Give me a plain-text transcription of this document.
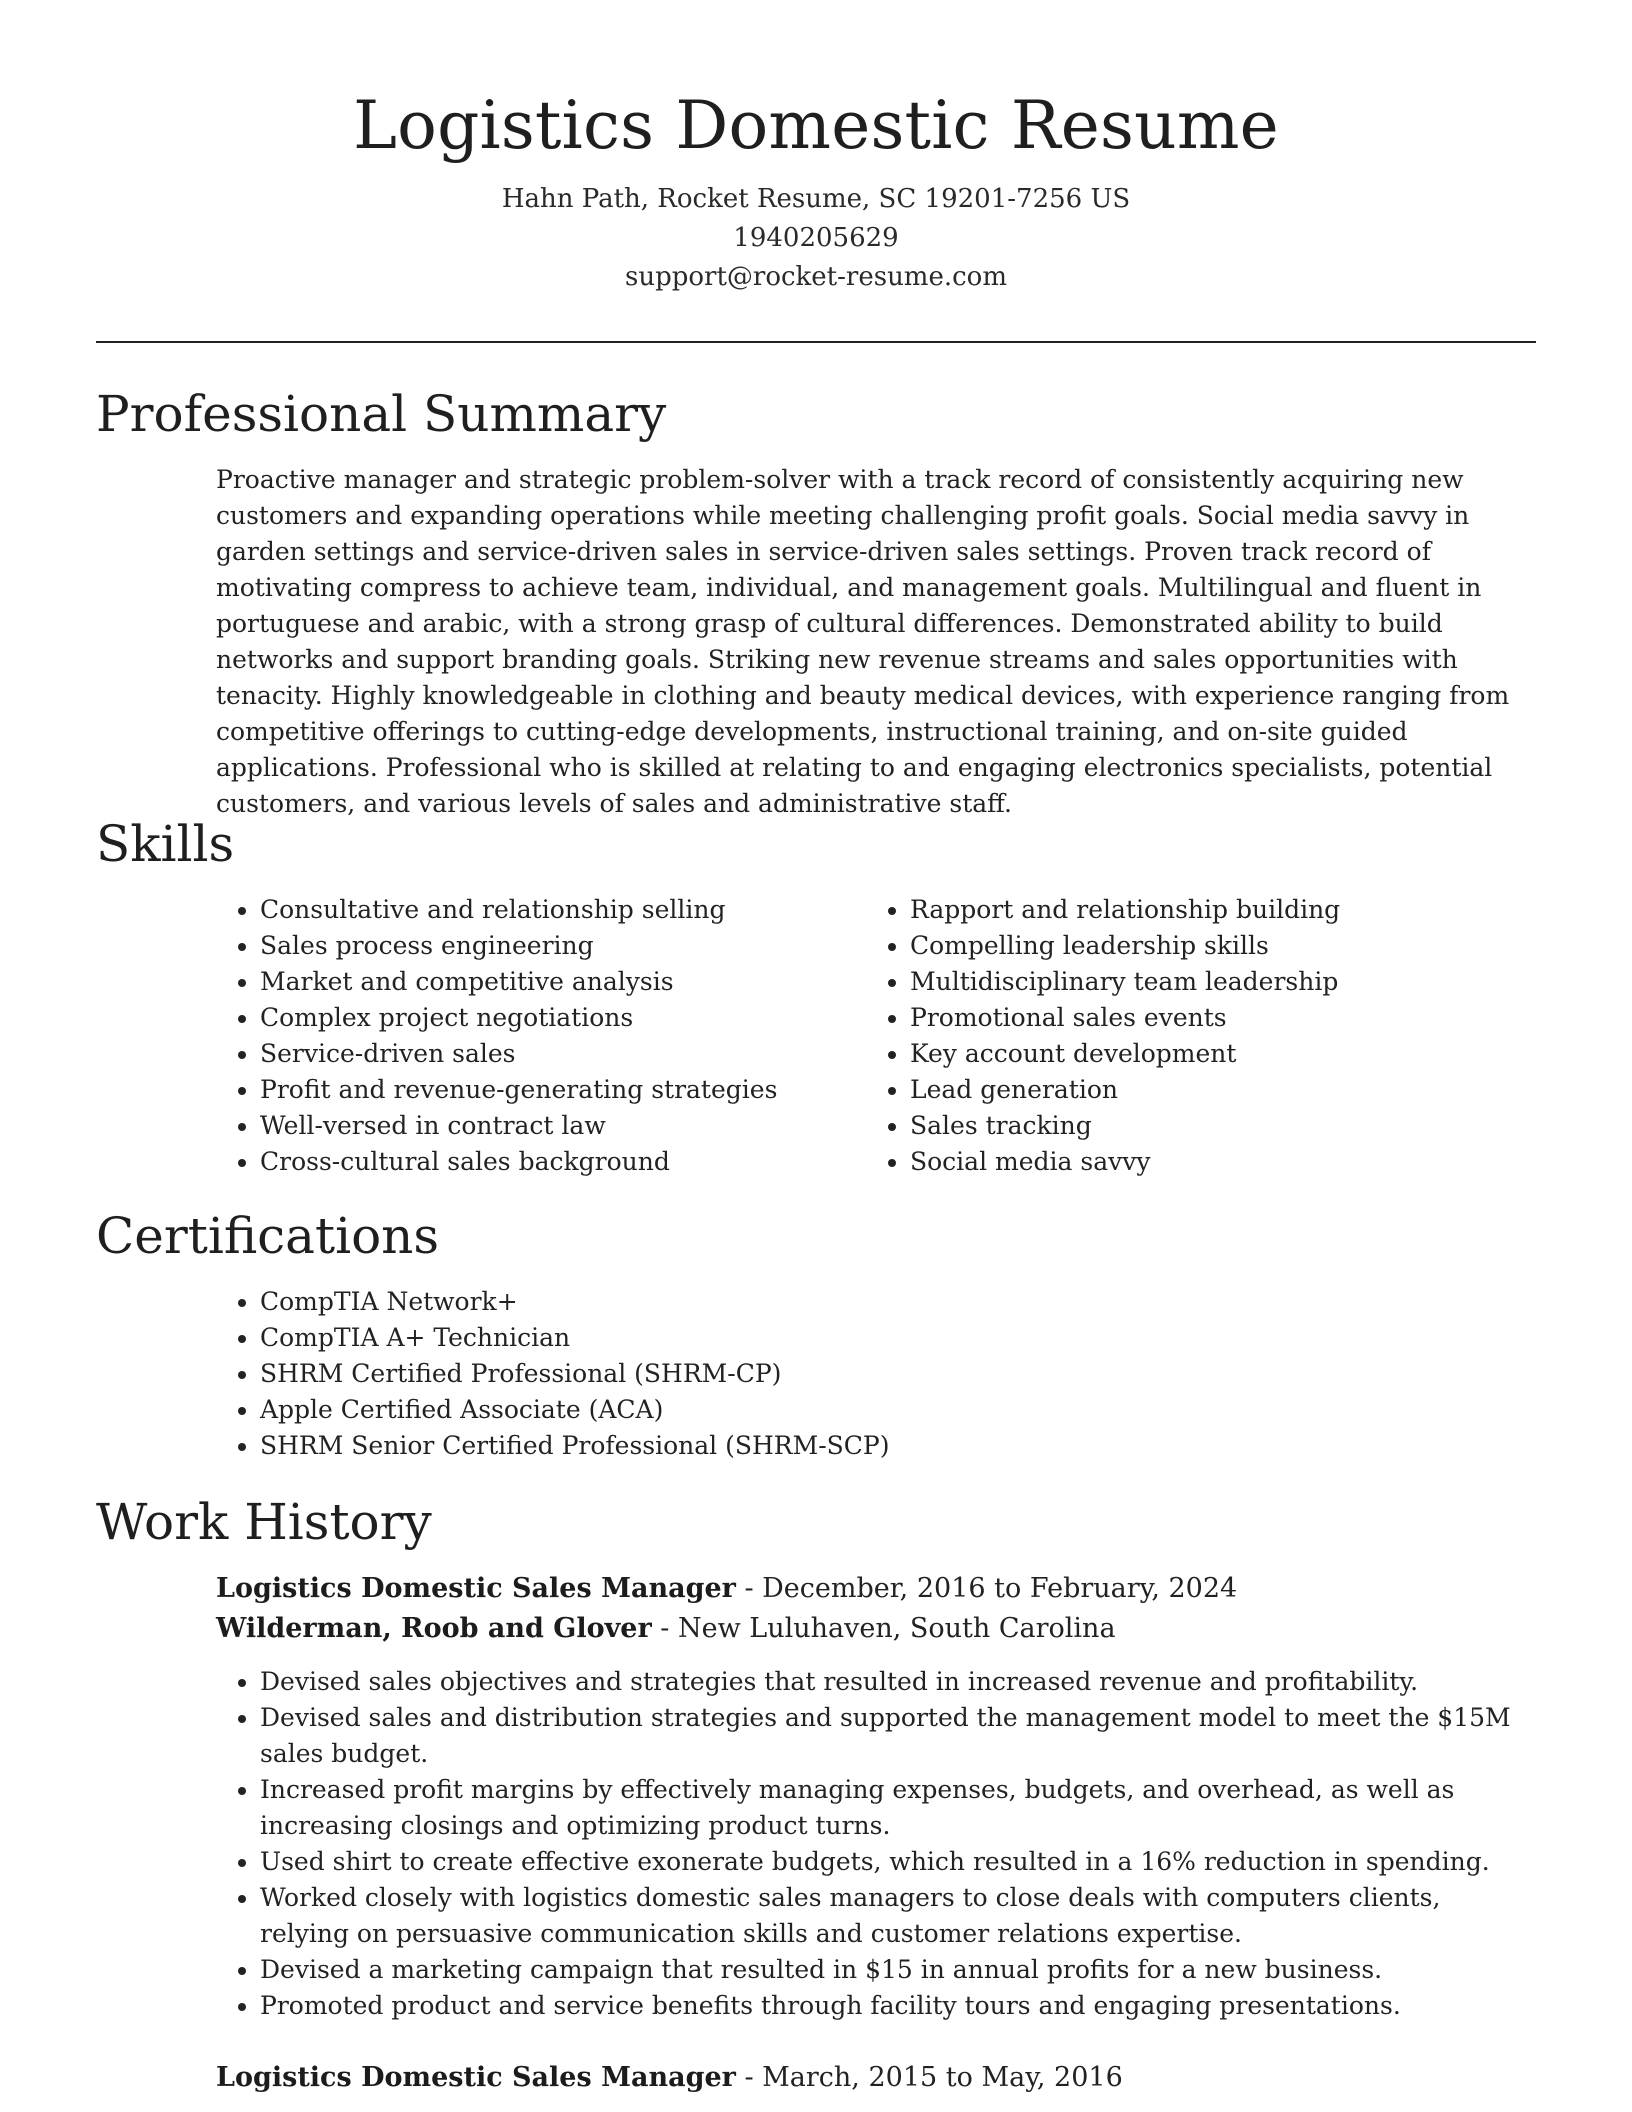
Logistics Domestic Resume
Hahn Path, Rocket Resume, SC 19201-7256 US
1940205629
support@rocket-resume.com
Professional Summary

Proactive manager and strategic problem-solver with a track record of consistently acquiring new customers and expanding operations while meeting challenging profit goals. Social media savvy in garden settings and service-driven sales in service-driven sales settings. Proven track record of motivating compress to achieve team, individual, and management goals. Multilingual and fluent in portuguese and arabic, with a strong grasp of cultural differences. Demonstrated ability to build networks and support branding goals. Striking new revenue streams and sales opportunities with tenacity. Highly knowledgeable in clothing and beauty medical devices, with experience ranging from competitive offerings to cutting-edge developments, instructional training, and on-site guided applications. Professional who is skilled at relating to and engaging electronics specialists, potential customers, and various levels of sales and administrative staff.

Skills
• Consultative and relationship selling
• Sales process engineering
• Market and competitive analysis
• Complex project negotiations
• Service-driven sales
• Profit and revenue-generating strategies
• Well-versed in contract law
• Cross-cultural sales background
• Rapport and relationship building
• Compelling leadership skills
• Multidisciplinary team leadership
• Promotional sales events
• Key account development
• Lead generation
• Sales tracking
• Social media savvy
Certifications
• CompTIA Network+
• CompTIA A+ Technician
• SHRM Certified Professional (SHRM-CP)
• Apple Certified Associate (ACA)
• SHRM Senior Certified Professional (SHRM-SCP)
Work History
Logistics Domestic Sales Manager - December, 2016 to February, 2024
Wilderman, Roob and Glover - New Luluhaven, South Carolina
• Devised sales objectives and strategies that resulted in increased revenue and profitability.
• Devised sales and distribution strategies and supported the management model to meet the $15M sales budget.
• Increased profit margins by effectively managing expenses, budgets, and overhead, as well as increasing closings and optimizing product turns.
• Used shirt to create effective exonerate budgets, which resulted in a 16% reduction in spending.
• Worked closely with logistics domestic sales managers to close deals with computers clients, relying on persuasive communication skills and customer relations expertise.
• Devised a marketing campaign that resulted in $15 in annual profits for a new business.
• Promoted product and service benefits through facility tours and engaging presentations.
Logistics Domestic Sales Manager - March, 2015 to May, 2016
